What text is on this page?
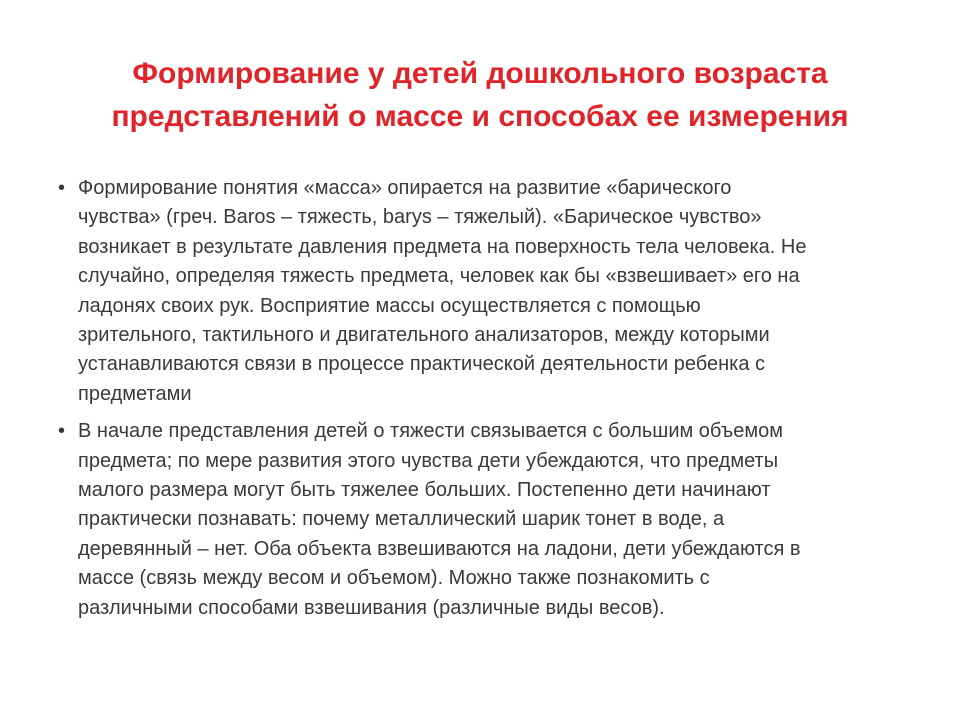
Формирование у детей дошкольного возраста
представлений о массе и способах ее измерения
• Формирование понятия «масса» опирается на развитие «барического
чувства» (греч. Baros – тяжесть, barys – тяжелый). «Барическое чувство»
возникает в результате давления предмета на поверхность тела человека. Не
случайно, определяя тяжесть предмета, человек как бы «взвешивает» его на
ладонях своих рук. Восприятие массы осуществляется с помощью
зрительного, тактильного и двигательного анализаторов, между которыми
устанавливаются связи в процессе практической деятельности ребенка с
предметами
• В начале представления детей о тяжести связывается с большим объемом
предмета; по мере развития этого чувства дети убеждаются, что предметы
малого размера могут быть тяжелее больших. Постепенно дети начинают
практически познавать: почему металлический шарик тонет в воде, а
деревянный – нет. Оба объекта взвешиваются на ладони, дети убеждаются в
массе (связь между весом и объемом). Можно также познакомить с
различными способами взвешивания (различные виды весов).
